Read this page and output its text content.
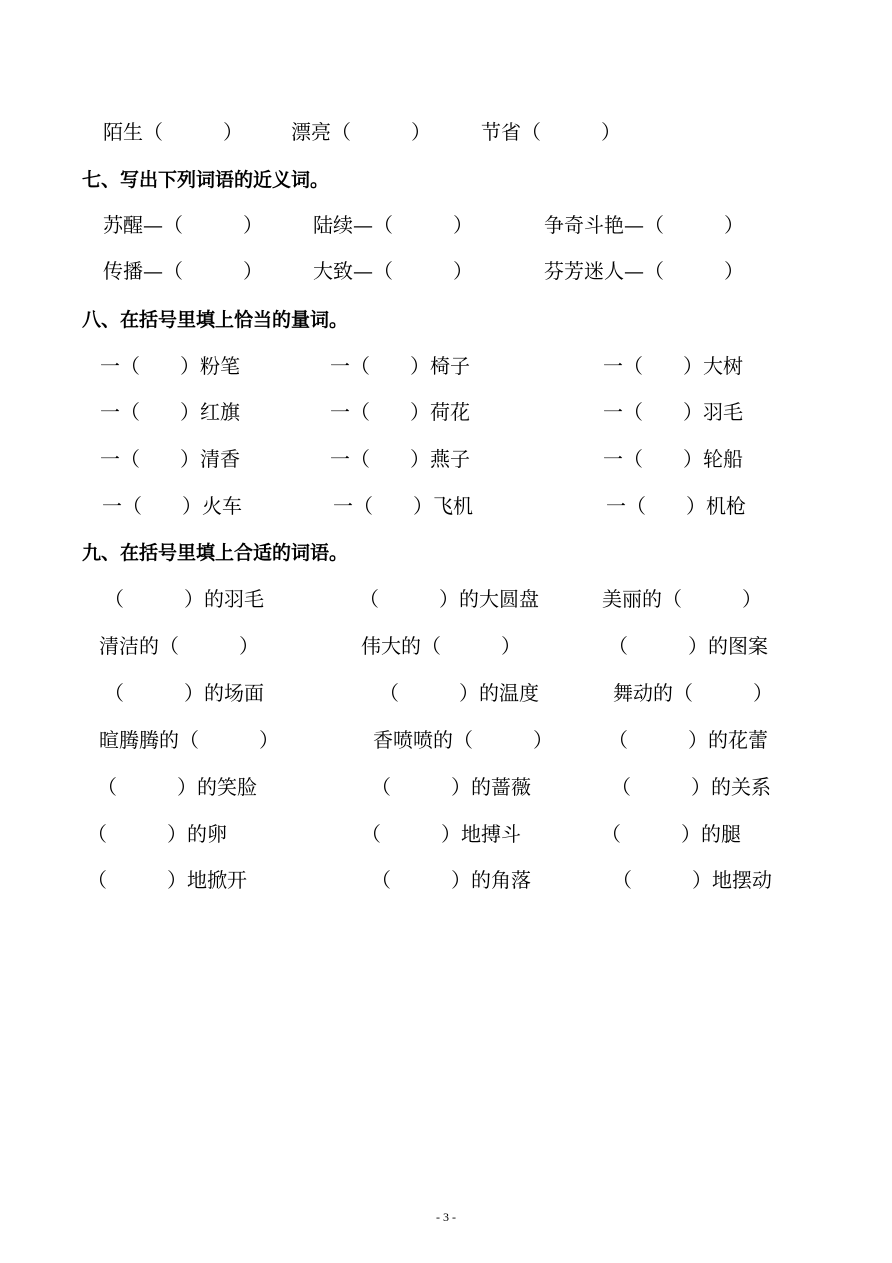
陌生（　　　） 漂亮（　　　）	节省（　　　）
七、写出下列词语的近义词。
苏醒—（　　　）	陆续—（　　　）	争奇斗艳—（　　　）
传播—（　　　）	大致—（　　　）	芬芳迷人—（　　　）
八、在括号里填上恰当的量词。
一（　　）粉笔	一（　　）椅子	一（　　）大树
一（　　）红旗	一（　　）荷花	一（　　）羽毛
一（　　）清香	一（　　）燕子	一（　　）轮船
一（　　）火车	一（　　）飞机	一（　　）机枪
九、在括号里填上合适的词语。
（　　　）的羽毛	（　　　）的大圆盘	美丽的（　　　）
清洁的（　　　）	伟大的（　　　）	（　　　）的图案
（　　　）的场面	（　　　）的温度	舞动的（　　　）
暄腾腾的（　　　）	香喷喷的（　　　）	（　　　）的花蕾
（　　　）的笑脸	（　　　）的蔷薇	（　　　）的关系
（　　　）的卵	（　　　）地搏斗	（　　　）的腿
（　　　）地掀开	（　　　）的角落	（　　　）地摆动
- 3 -
